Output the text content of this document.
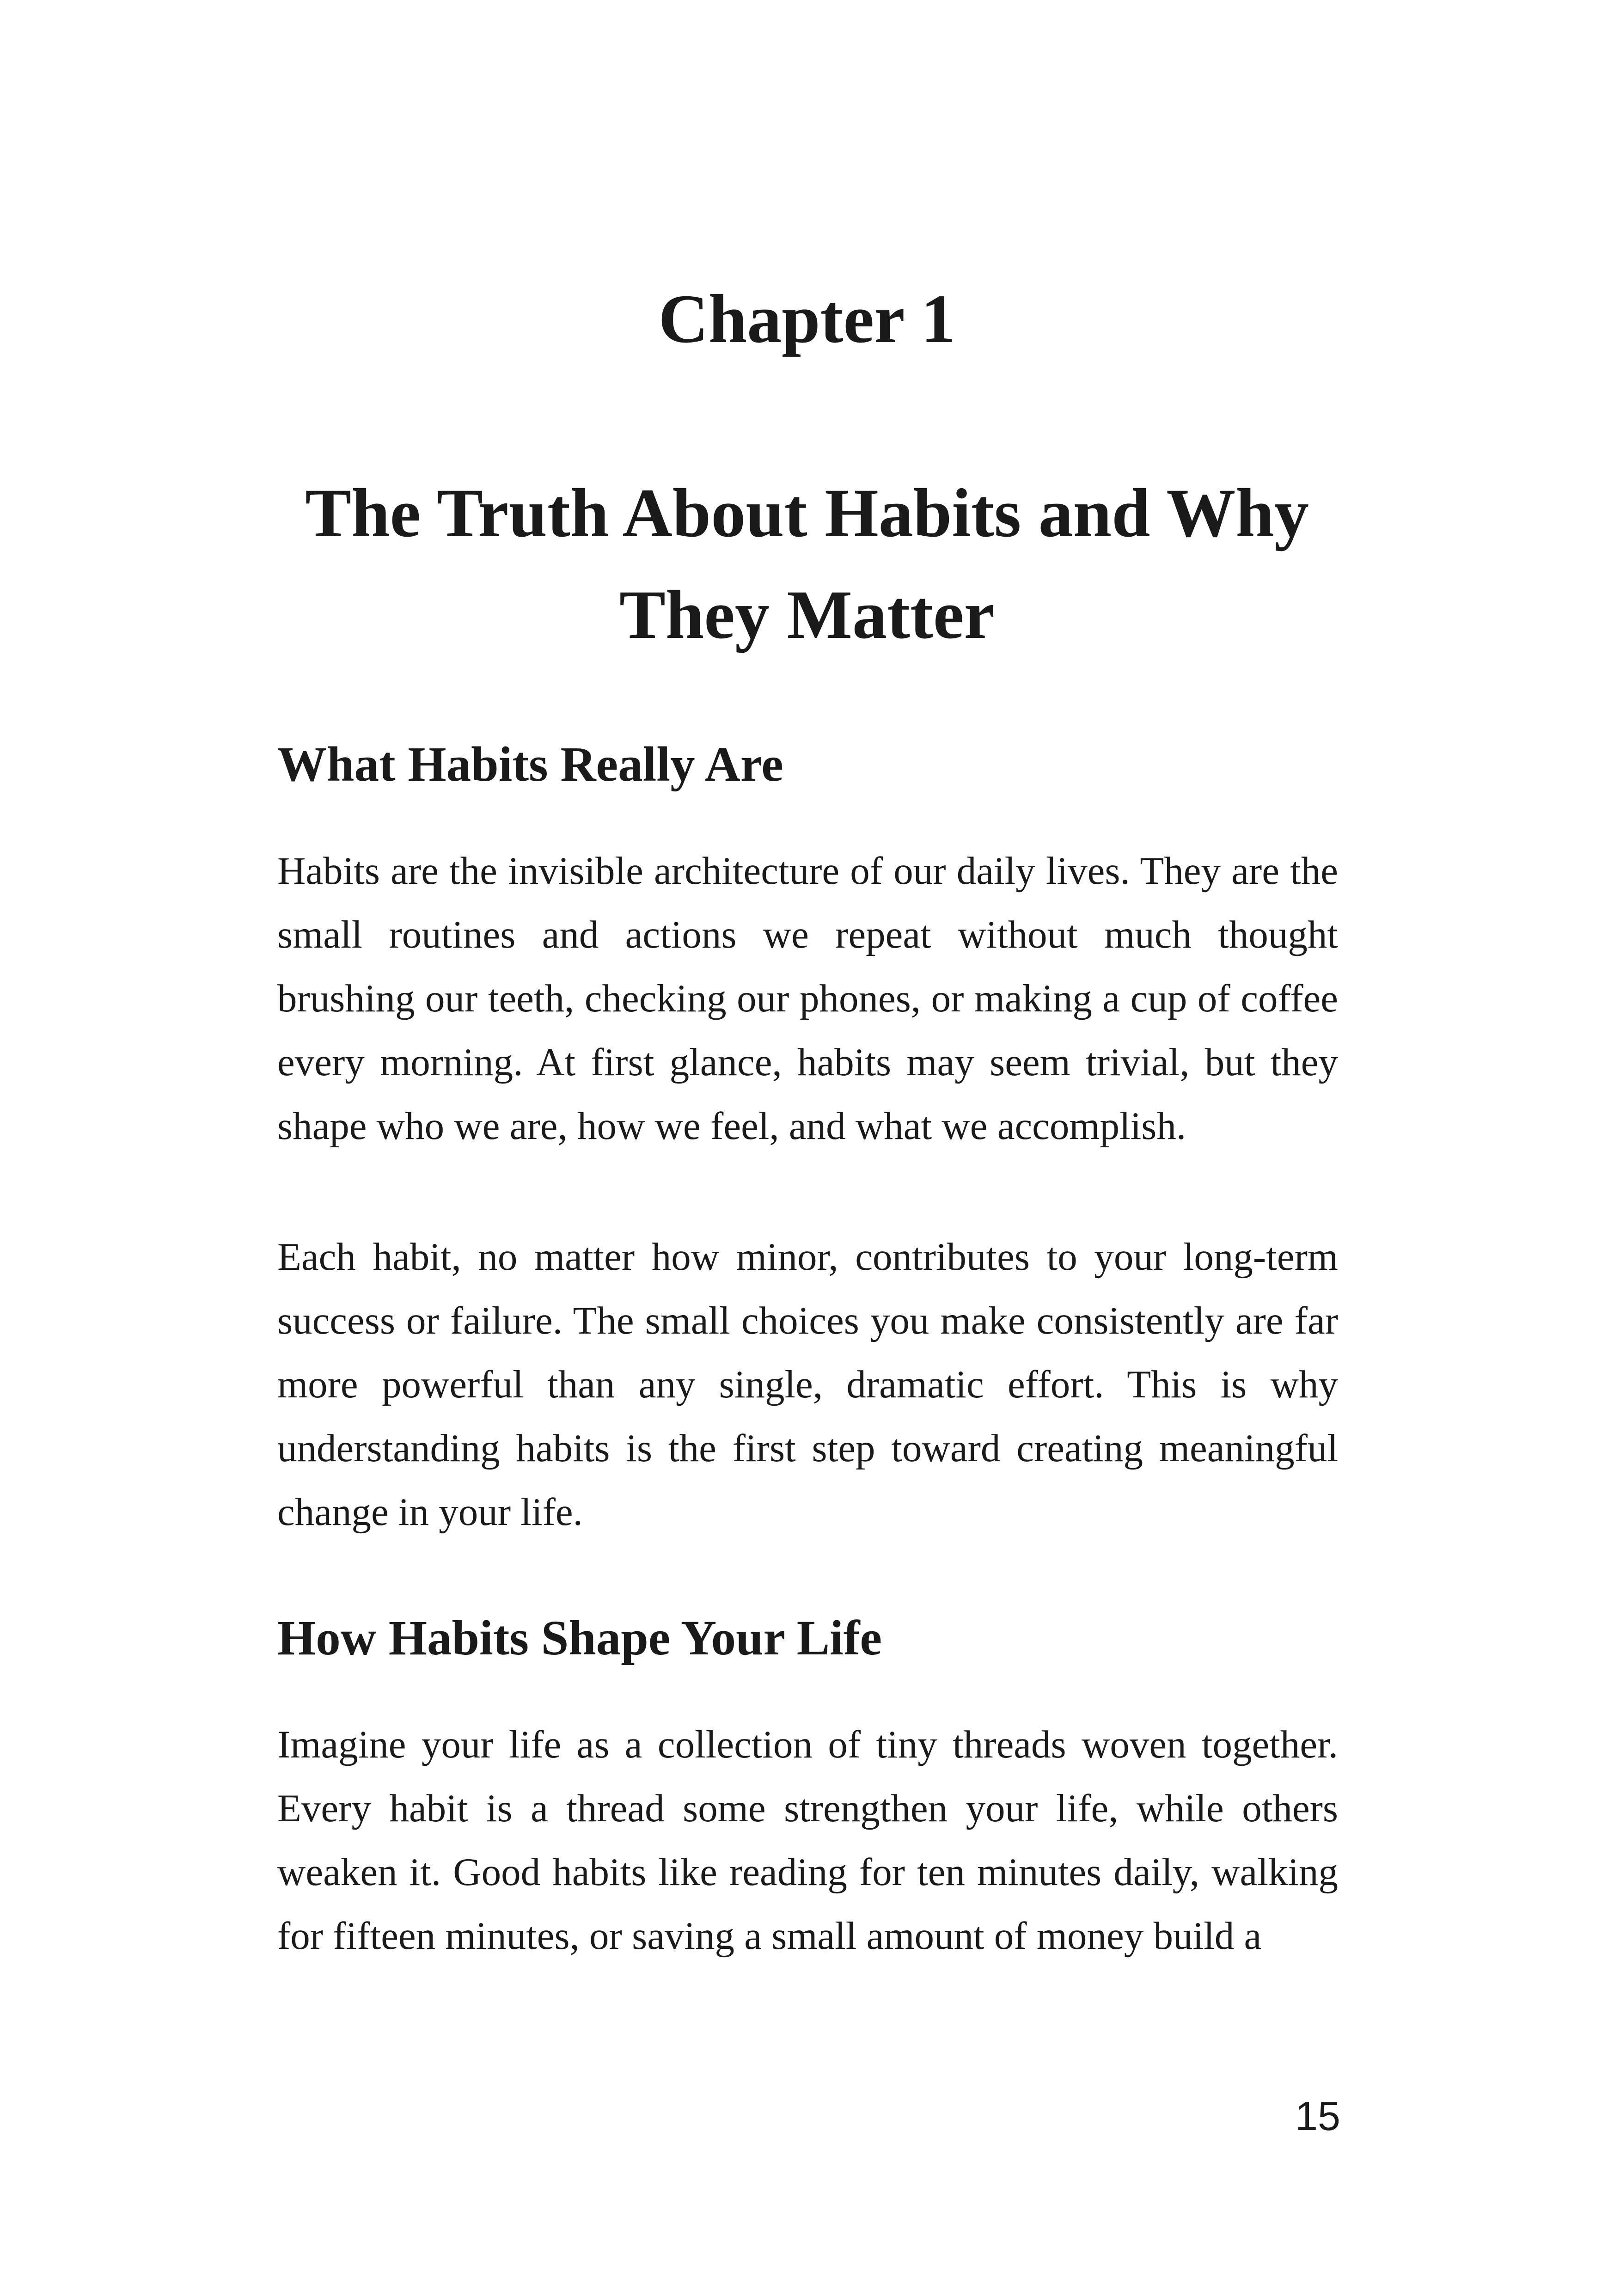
Chapter 1
The Truth About Habits and Why They Matter
What Habits Really Are

Habits are the invisible architecture of our daily lives. They are the small routines and actions we repeat without much thought brushing our teeth, checking our phones, or making a cup of coffee every morning. At first glance, habits may seem trivial, but they shape who we are, how we feel, and what we accomplish.

Each habit, no matter how minor, contributes to your long-term success or failure. The small choices you make consistently are far more powerful than any single, dramatic effort. This is why understanding habits is the first step toward creating meaningful change in your life.

How Habits Shape Your Life

Imagine your life as a collection of tiny threads woven together. Every habit is a thread some strengthen your life, while others weaken it. Good habits like reading for ten minutes daily, walking for fifteen minutes, or saving a small amount of money build a

15
